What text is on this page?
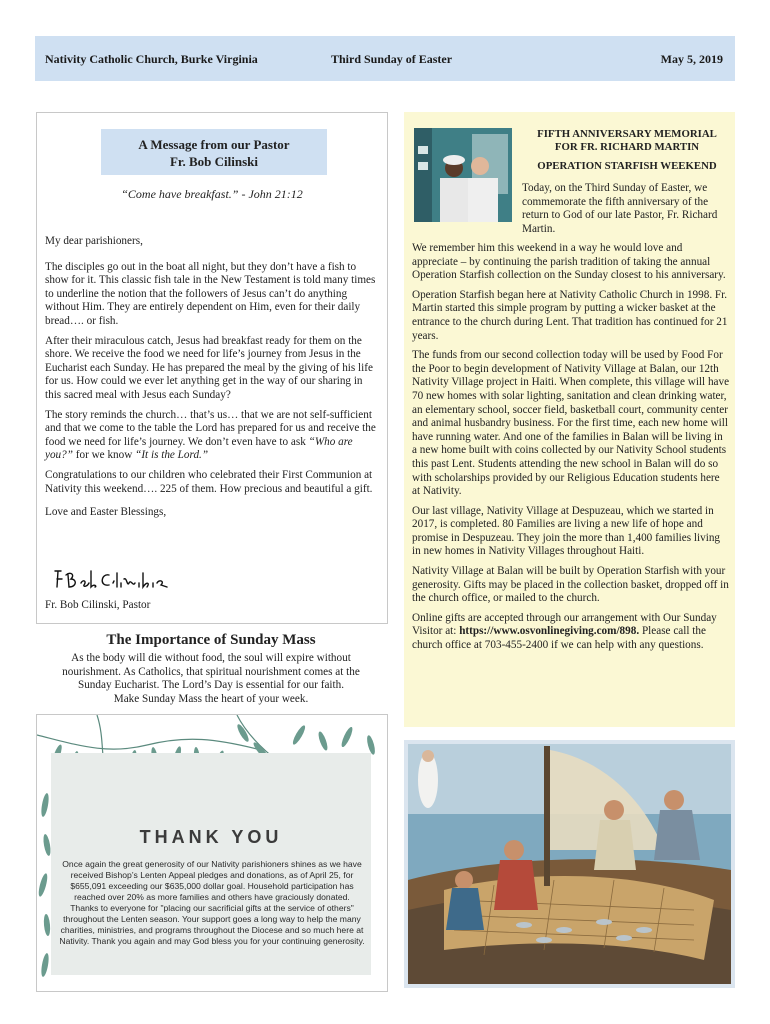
Nativity Catholic Church, Burke Virginia	Third Sunday of Easter	May 5, 2019
A Message from our Pastor
Fr. Bob Cilinski
“Come have breakfast.” - John 21:12

My dear parishioners,

The disciples go out in the boat all night, but they don’t have a fish to show for it. This classic fish tale in the New Testament is told many times to underline the notion that the followers of Jesus can’t do anything without Him. They are entirely dependent on Him, even for their daily bread…. or fish.

After their miraculous catch, Jesus had breakfast ready for them on the shore. We receive the food we need for life’s journey from Jesus in the Eucharist each Sunday. He has prepared the meal by the giving of his life for us. How could we ever let anything get in the way of our sharing in this sacred meal with Jesus each Sunday?

The story reminds the church… that’s us… that we are not self-sufficient and that we come to the table the Lord has prepared for us and receive the food we need for life’s journey. We don’t even have to ask “Who are you?” for we know “It is the Lord.”

Congratulations to our children who celebrated their First Communion at Nativity this weekend…. 225 of them. How precious and beautiful a gift.

Love and Easter Blessings,

Fr. Bob Cilinski, Pastor
The Importance of Sunday Mass
As the body will die without food, the soul will expire without
nourishment. As Catholics, that spiritual nourishment comes at the
Sunday Eucharist. The Lord’s Day is essential for our faith.
Make Sunday Mass the heart of your week.
THANK YOU
Once again the great generosity of our Nativity parishioners shines as we have received Bishop’s Lenten Appeal pledges and donations, as of April 25, for $655,091 exceeding our $635,000 dollar goal. Household participation has reached over 20% as more families and others have graciously donated. Thanks to everyone for "placing our sacrificial gifts at the service of others" throughout the Lenten season. Your support goes a long way to help the many charities, ministries, and programs throughout the Diocese and so much here at Nativity. Thank you again and may God bless you for your continuing generosity.
FIFTH ANNIVERSARY MEMORIAL FOR FR. RICHARD MARTIN
OPERATION STARFISH WEEKEND
Today, on the Third Sunday of Easter, we commemorate the fifth anniversary of the return to God of our late Pastor, Fr. Richard Martin.

We remember him this weekend in a way he would love and appreciate – by continuing the parish tradition of taking the annual Operation Starfish collection on the Sunday closest to his anniversary.

Operation Starfish began here at Nativity Catholic Church in 1998. Fr. Martin started this simple program by putting a wicker basket at the entrance to the church during Lent. That tradition has continued for 21 years.

The funds from our second collection today will be used by Food For the Poor to begin development of Nativity Village at Balan, our 12th Nativity Village project in Haiti. When complete, this village will have 70 new homes with solar lighting, sanitation and clean drinking water, an elementary school, soccer field, basketball court, community center and animal husbandry business. For the first time, each new home will have running water. And one of the families in Balan will be living in a new home built with coins collected by our Nativity School students this past Lent. Students attending the new school in Balan will do so with scholarships provided by our Religious Education students here at Nativity.

Our last village, Nativity Village at Despuzeau, which we started in 2017, is completed. 80 Families are living a new life of hope and promise in Despuzeau. They join the more than 1,400 families living in new homes in Nativity Villages throughout Haiti.

Nativity Village at Balan will be built by Operation Starfish with your generosity. Gifts may be placed in the collection basket, dropped off in the church office, or mailed to the church.

Online gifts are accepted through our arrangement with Our Sunday Visitor at: https://www.osvonlinegiving.com/898. Please call the church office at 703-455-2400 if we can help with any questions.
